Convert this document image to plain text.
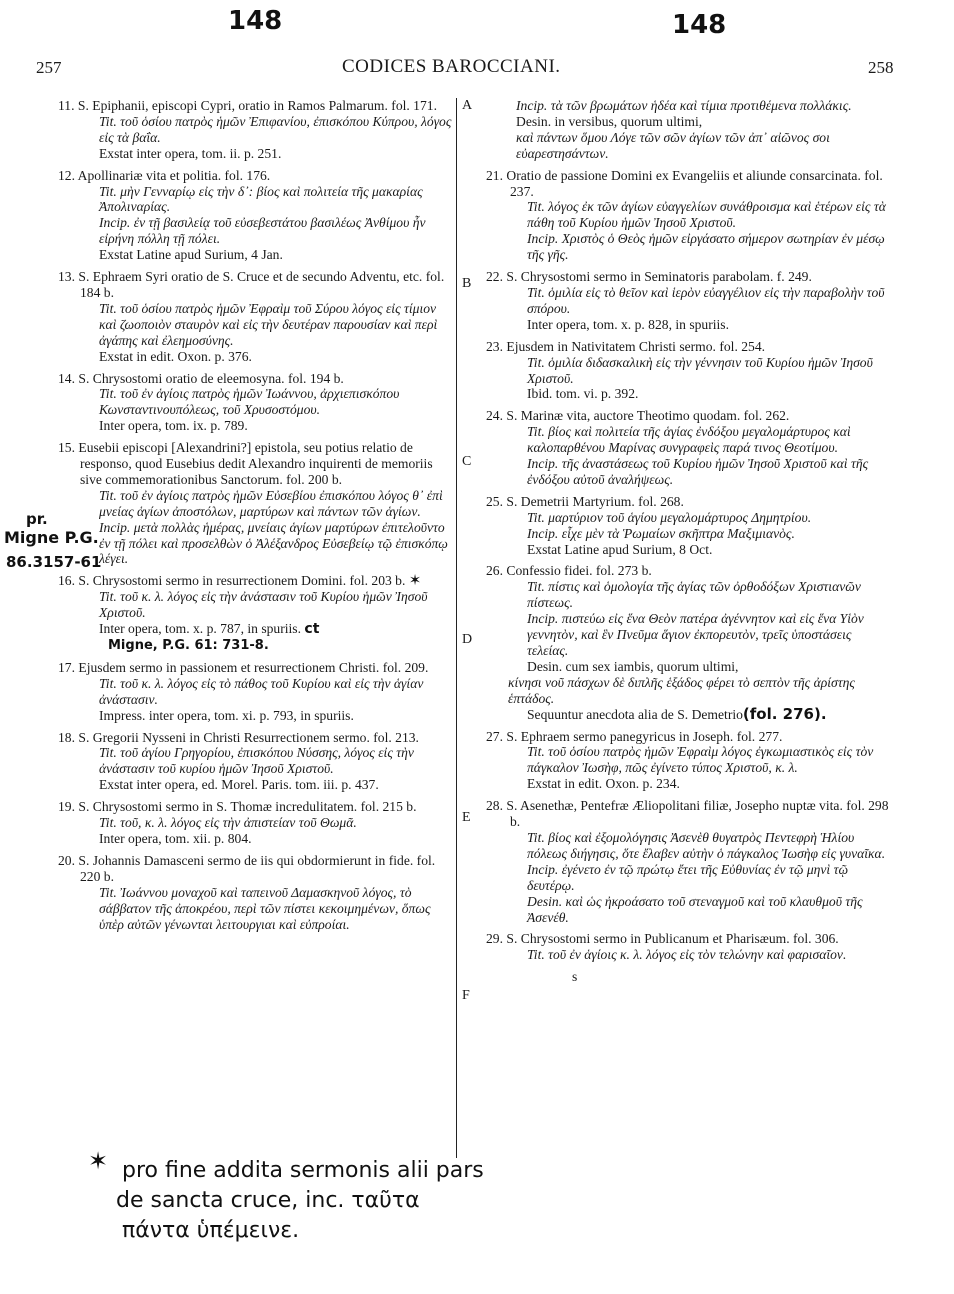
148	148
257	CODICES BAROCCIANI.	258
A
B
C
D
E
F
pr.
Migne P.G.
86.3157-61
11. S. Epiphanii, episcopi Cypri, oratio in Ramos Palmarum. fol. 171.
Tit. τοῦ ὁσίου πατρὸς ἡμῶν Ἐπιφανίου, ἐπισκόπου Κύπρου, λόγος εἰς τὰ βαΐα.
Exstat inter opera, tom. ii. p. 251.
12. Apollinariæ vita et politia. fol. 176.
Tit. μὴν Γενναρίῳ εἰς τὴν δ᾽: βίος καὶ πολιτεία τῆς μακαρίας Ἀπολιναρίας.
Incip. ἐν τῇ βασιλείᾳ τοῦ εὐσεβεστάτου βασιλέως Ἀνθίμου ἦν εἰρήνη πόλλη τῇ πόλει.
Exstat Latine apud Surium, 4 Jan.
13. S. Ephraem Syri oratio de S. Cruce et de secundo Adventu, etc. fol. 184 b.
Tit. τοῦ ὁσίου πατρὸς ἡμῶν Ἐφραὶμ τοῦ Σύρου λόγος εἰς τίμιον καὶ ζωοποιὸν σταυρὸν καὶ εἰς τὴν δευτέραν παρουσίαν καὶ περὶ ἀγάπης καὶ ἐλεημοσύνης.
Exstat in edit. Oxon. p. 376.
14. S. Chrysostomi oratio de eleemosyna. fol. 194 b.
Tit. τοῦ ἐν ἁγίοις πατρὸς ἡμῶν Ἰωάννου, ἀρχιεπισκόπου Κωνσταντινουπόλεως, τοῦ Χρυσοστόμου.
Inter opera, tom. ix. p. 789.
15. Eusebii episcopi [Alexandrini?] epistola, seu potius relatio de responso, quod Eusebius dedit Alexandro inquirenti de memoriis sive commemorationibus Sanctorum. fol. 200 b.
Tit. τοῦ ἐν ἁγίοις πατρὸς ἡμῶν Εὐσεβίου ἐπισκόπου λόγος θ᾽ ἐπὶ μνείας ἁγίων ἀποστόλων, μαρτύρων καὶ πάντων τῶν ἁγίων.
Incip. μετὰ πολλὰς ἡμέρας, μνείαις ἁγίων μαρτύρων ἐπιτελοῦντο ἐν τῇ πόλει καὶ προσελθὼν ὁ Ἀλέξανδρος Εὐσεβείῳ τῷ ἐπισκόπῳ λέγει.
16. S. Chrysostomi sermo in resurrectionem Domini. fol. 203 b. ✶
Tit. τοῦ κ. λ. λόγος εἰς τὴν ἀνάστασιν τοῦ Κυρίου ἡμῶν Ἰησοῦ Χριστοῦ.
Inter opera, tom. x. p. 787, in spuriis. ct
Migne, P.G. 61: 731-8.
17. Ejusdem sermo in passionem et resurrectionem Christi. fol. 209.
Tit. τοῦ κ. λ. λόγος εἰς τὸ πάθος τοῦ Κυρίου καὶ εἰς τὴν ἁγίαν ἀνάστασιν.
Impress. inter opera, tom. xi. p. 793, in spuriis.
18. S. Gregorii Nysseni in Christi Resurrectionem sermo. fol. 213.
Tit. τοῦ ἁγίου Γρηγορίου, ἐπισκόπου Νύσσης, λόγος εἰς τὴν ἀνάστασιν τοῦ κυρίου ἡμῶν Ἰησοῦ Χριστοῦ.
Exstat inter opera, ed. Morel. Paris. tom. iii. p. 437.
19. S. Chrysostomi sermo in S. Thomæ incredulitatem. fol. 215 b.
Tit. τοῦ, κ. λ. λόγος εἰς τὴν ἀπιστείαν τοῦ Θωμᾶ.
Inter opera, tom. xii. p. 804.
20. S. Johannis Damasceni sermo de iis qui obdormierunt in fide. fol. 220 b.
Tit. Ἰωάννου μοναχοῦ καὶ ταπεινοῦ Δαμασκηνοῦ λόγος, τὸ σάββατον τῆς ἀποκρέου, περὶ τῶν πίστει κεκοιμημένων, ὅπως ὑπὲρ αὐτῶν γένωνται λειτουργιαι καὶ εὐπροίαι.
Incip. τὰ τῶν βρωμάτων ἡδέα καὶ τίμια προτιθέμενα πολλάκις.
Desin. in versibus, quorum ultimi,
καὶ πάντων ὅμου Λόγε τῶν σῶν ἁγίων τῶν ἀπ᾽ αἰῶνος σοι εὐαρεστησάντων.
21. Oratio de passione Domini ex Evangeliis et aliunde consarcinata. fol. 237.
Tit. λόγος ἐκ τῶν ἁγίων εὐαγγελίων συνάθροισμα καὶ ἑτέρων εἰς τὰ πάθη τοῦ Κυρίου ἡμῶν Ἰησοῦ Χριστοῦ.
Incip. Χριστὸς ὁ Θεὸς ἡμῶν εἰργάσατο σήμερον σωτηρίαν ἐν μέσῳ τῆς γῆς.
22. S. Chrysostomi sermo in Seminatoris parabolam. f. 249.
Tit. ὁμιλία εἰς τὸ θεῖον καὶ ἱερὸν εὐαγγέλιον εἰς τὴν παραβολὴν τοῦ σπόρου.
Inter opera, tom. x. p. 828, in spuriis.
23. Ejusdem in Nativitatem Christi sermo. fol. 254.
Tit. ὁμιλία διδασκαλικὴ εἰς τὴν γέννησιν τοῦ Κυρίου ἡμῶν Ἰησοῦ Χριστοῦ.
Ibid. tom. vi. p. 392.
24. S. Marinæ vita, auctore Theotimo quodam. fol. 262.
Tit. βίος καὶ πολιτεία τῆς ἁγίας ἐνδόξου μεγαλομάρτυρος καὶ καλοπαρθένου Μαρίνας συνγραφεὶς παρά τινος Θεοτίμου.
Incip. τῆς ἀναστάσεως τοῦ Κυρίου ἡμῶν Ἰησοῦ Χριστοῦ καὶ τῆς ἐνδόξου αὐτοῦ ἀναλήψεως.
25. S. Demetrii Martyrium. fol. 268.
Tit. μαρτύριον τοῦ ἁγίου μεγαλομάρτυρος Δημητρίου.
Incip. εἶχε μὲν τὰ Ῥωμαίων σκῆπτρα Μαξιμιανὸς.
Exstat Latine apud Surium, 8 Oct.
26. Confessio fidei. fol. 273 b.
Tit. πίστις καὶ ὁμολογία τῆς ἁγίας τῶν ὀρθοδόξων Χριστιανῶν πίστεως.
Incip. πιστεύω εἰς ἕνα Θεὸν πατέρα ἀγέννητον καὶ εἰς ἕνα Υἱὸν γεννητὸν, καὶ ἓν Πνεῦμα ἅγιον ἐκπορευτὸν, τρεῖς ὑποστάσεις τελείας.
Desin. cum sex iambis, quorum ultimi,
κίνησι νοῦ πάσχων δὲ διπλῆς ἑξάδος φέρει τὸ σεπτὸν τῆς ἀρίστης ἑπτάδος.
Sequuntur anecdota alia de S. Demetrio(fol. 276).
27. S. Ephraem sermo panegyricus in Joseph. fol. 277.
Tit. τοῦ ὁσίου πατρὸς ἡμῶν Ἐφραὶμ λόγος ἐγκωμιαστικὸς εἰς τὸν πάγκαλον Ἰωσὴφ, πῶς ἐγίνετο τύπος Χριστοῦ, κ. λ.
Exstat in edit. Oxon. p. 234.
28. S. Asenethæ, Pentefræ Æliopolitani filiæ, Josepho nuptæ vita. fol. 298 b.
Tit. βίος καὶ ἐξομολόγησις Ἀσενὲθ θυγατρὸς Πεντεφρὴ Ἡλίου πόλεως διήγησις, ὅτε ἔλαβεν αὐτὴν ὁ πάγκαλος Ἰωσὴφ εἰς γυναῖκα.
Incip. ἐγένετο ἐν τῷ πρώτῳ ἔτει τῆς Εὐθυνίας ἐν τῷ μηνὶ τῷ δευτέρῳ.
Desin. καὶ ὡς ἠκροάσατο τοῦ στεναγμοῦ καὶ τοῦ κλαυθμοῦ τῆς Ἀσενέθ.
29. S. Chrysostomi sermo in Publicanum et Pharisæum. fol. 306.
Tit. τοῦ ἐν ἁγίοις κ. λ. λόγος εἰς τὸν τελώνην καὶ φαρισαῖον.
s
✶ pro fine addita sermonis alii pars
de sancta cruce, inc. ταῦτα
πάντα ὑπέμεινε.
